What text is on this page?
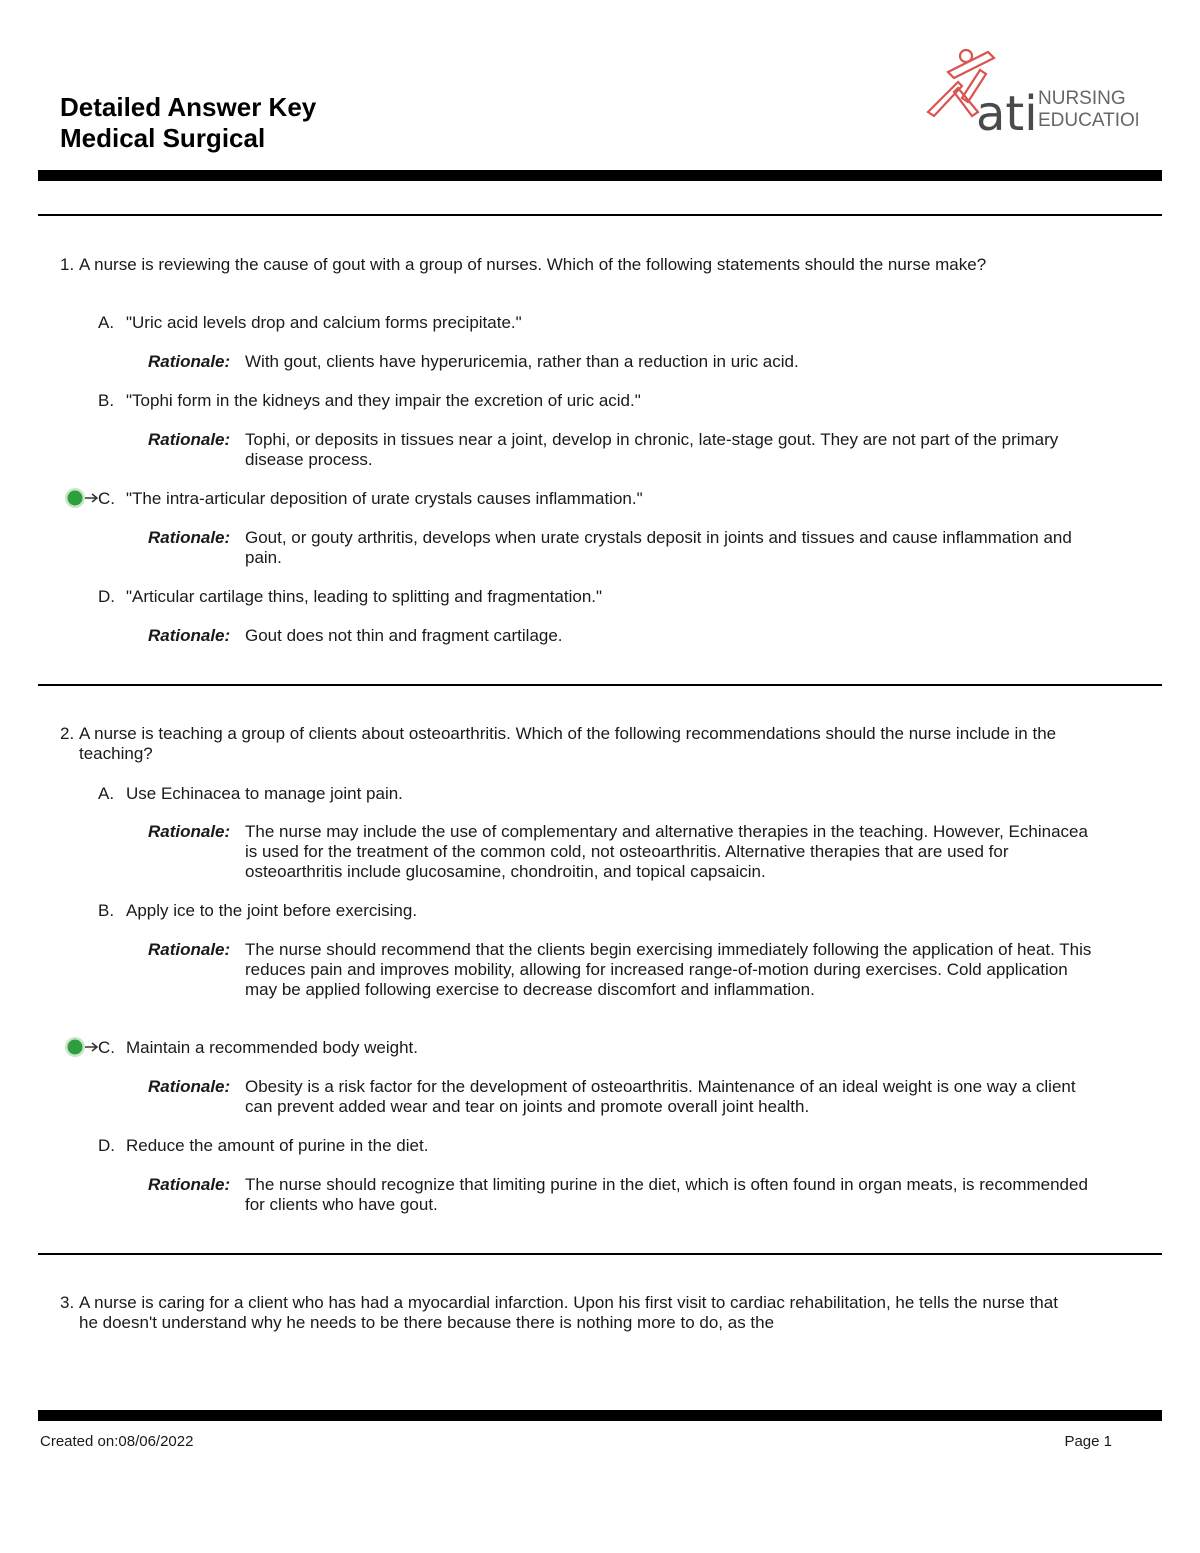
Detailed Answer Key
Medical Surgical	ati NURSING
EDUCATION
1. A nurse is reviewing the cause of gout with a group of nurses. Which of the following statements should the nurse make?
A. "Uric acid levels drop and calcium forms precipitate."
Rationale: With gout, clients have hyperuricemia, rather than a reduction in uric acid.
B. "Tophi form in the kidneys and they impair the excretion of uric acid."
Rationale: Tophi, or deposits in tissues near a joint, develop in chronic, late-stage gout. They are not part of the primary disease process.
C. "The intra-articular deposition of urate crystals causes inflammation."
Rationale: Gout, or gouty arthritis, develops when urate crystals deposit in joints and tissues and cause inflammation and pain.
D. "Articular cartilage thins, leading to splitting and fragmentation."
Rationale: Gout does not thin and fragment cartilage.
2. A nurse is teaching a group of clients about osteoarthritis. Which of the following recommendations should the nurse include in the teaching?
A. Use Echinacea to manage joint pain.
Rationale: The nurse may include the use of complementary and alternative therapies in the teaching. However, Echinacea is used for the treatment of the common cold, not osteoarthritis. Alternative therapies that are used for osteoarthritis include glucosamine, chondroitin, and topical capsaicin.
B. Apply ice to the joint before exercising.
Rationale: The nurse should recommend that the clients begin exercising immediately following the application of heat. This reduces pain and improves mobility, allowing for increased range-of-motion during exercises. Cold application may be applied following exercise to decrease discomfort and inflammation.
C. Maintain a recommended body weight.
Rationale: Obesity is a risk factor for the development of osteoarthritis. Maintenance of an ideal weight is one way a client can prevent added wear and tear on joints and promote overall joint health.
D. Reduce the amount of purine in the diet.
Rationale: The nurse should recognize that limiting purine in the diet, which is often found in organ meats, is recommended for clients who have gout.
3. A nurse is caring for a client who has had a myocardial infarction. Upon his first visit to cardiac rehabilitation, he tells the nurse that he doesn't understand why he needs to be there because there is nothing more to do, as the
Created on:08/06/2022	Page 1
